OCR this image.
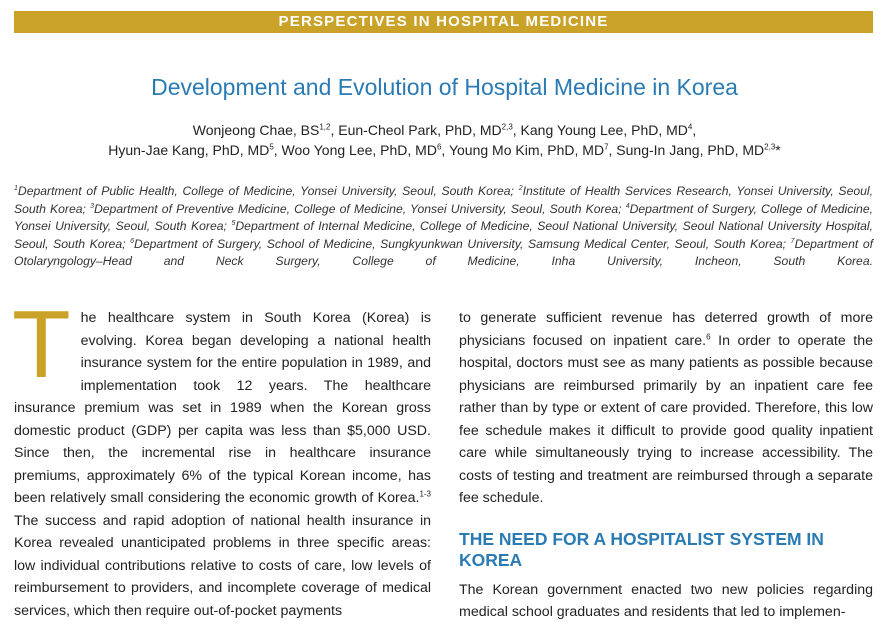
PERSPECTIVES IN HOSPITAL MEDICINE
Development and Evolution of Hospital Medicine in Korea
Wonjeong Chae, BS$^{1,2}$, Eun-Cheol Park, PhD, MD$^{2,3}$, Kang Young Lee, PhD, $MD^4$,
Hyun-Jae Kang, PhD, $MD^5$, Woo Yong Lee, PhD, $MD^6$, Young Mo Kim, PhD, $MD^7$, Sung-In Jang, PhD, MD$^{2,3}$*
$^1$Department of Public Health, College of Medicine, Yonsei University, Seoul, South Korea; $^2$Institute of Health Services Research, Yonsei University, Seoul, South Korea; $^3$Department of Preventive Medicine, College of Medicine, Yonsei University, Seoul, South Korea; $^4$Department of Surgery, College of Medicine, Yonsei University, Seoul, South Korea; $^5$Department of Internal Medicine, College of Medicine, Seoul National University, Seoul National University Hospital, Seoul, South Korea; $^6$Department of Surgery, School of Medicine, Sungkyunkwan University, Samsung Medical Center, Seoul, South Korea; $^7$Department of Otolaryngology–Head and Neck Surgery, College of Medicine, Inha University, Incheon, South Korea.

The healthcare system in South Korea (Korea) is evolving. Korea began developing a national health insurance system for the entire population in 1989, and implementation took 12 years. The healthcare insurance premium was set in 1989 when the Korean gross domestic product (GDP) per capita was less than $5,000 USD. Since then, the incremental rise in healthcare insurance premiums, approximately 6% of the typical Korean income, has been relatively small considering the economic growth of Korea.$^{1-3}$ The success and rapid adoption of national health insurance in Korea revealed unanticipated problems in three specific areas: low individual contributions relative to costs of care, low levels of reimbursement to providers, and incomplete coverage of medical services, which then require out-of-pocket payments

to generate sufficient revenue has deterred growth of more physicians focused on inpatient care.$^6$ In order to operate the hospital, doctors must see as many patients as possible because physicians are reimbursed primarily by an inpatient care fee rather than by type or extent of care provided. Therefore, this low fee schedule makes it difficult to provide good quality inpatient care while simultaneously trying to increase accessibility. The costs of testing and treatment are reimbursed through a separate fee schedule.

THE NEED FOR A HOSPITALIST SYSTEM IN KOREA

The Korean government enacted two new policies regarding medical school graduates and residents that led to implemen-
